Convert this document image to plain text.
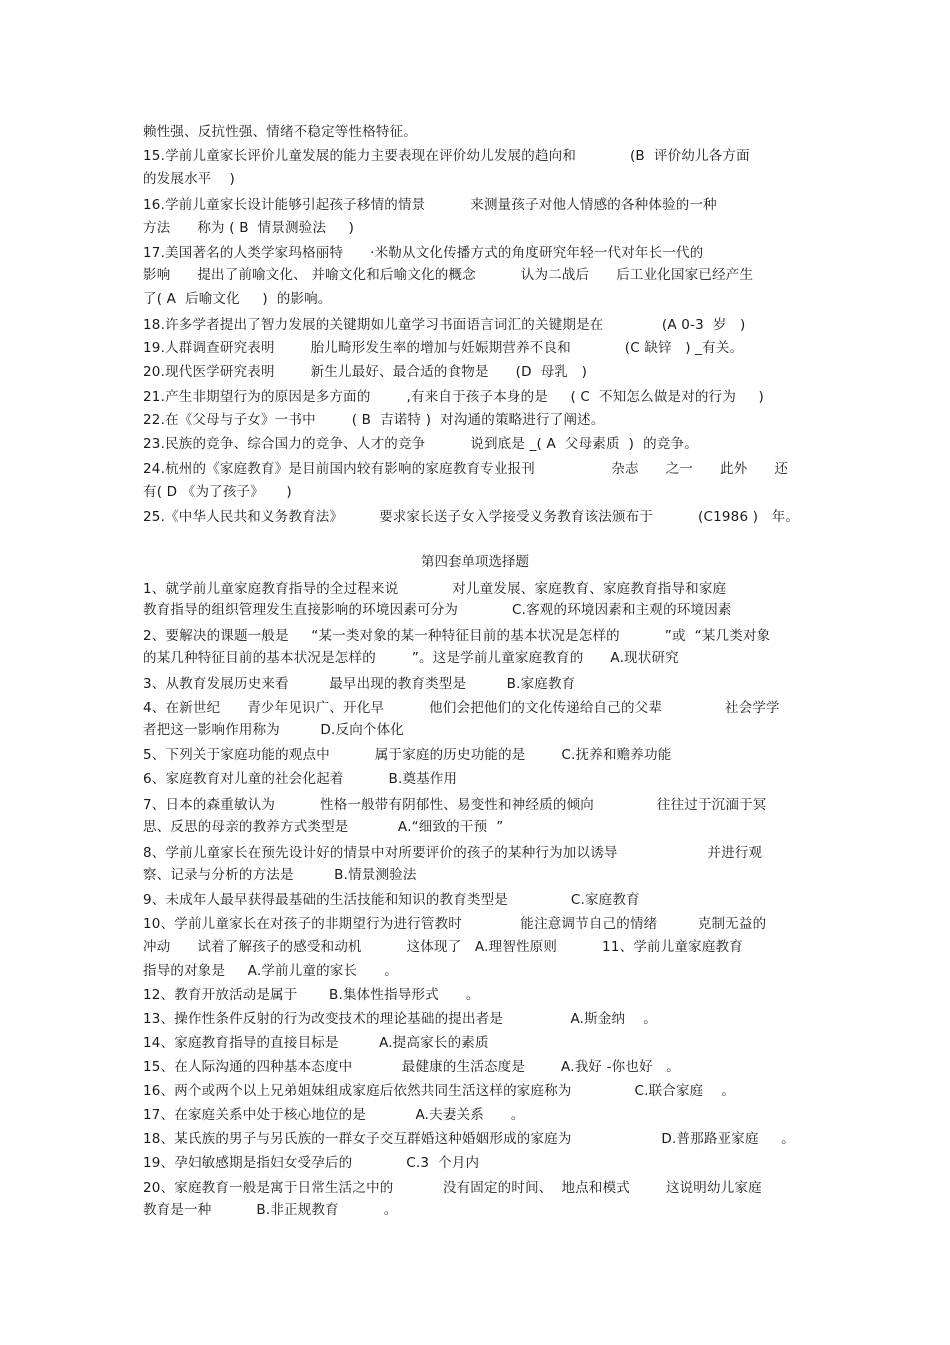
赖性强、反抗性强、情绪不稳定等性格特征。
15.学前儿童家长评价儿童发展的能力主要表现在评价幼儿发展的趋向和            (B  评价幼儿各方面
的发展水平    )
16.学前儿童家长设计能够引起孩子移情的情景          来测量孩子对他人情感的各种体验的一种
方法      称为 ( B  情景测验法     )
17.美国著名的人类学家玛格丽特      ·米勒从文化传播方式的角度研究年轻一代对年长一代的
影响      提出了前喻文化、 并喻文化和后喻文化的概念          认为二战后      后工业化国家已经产生
了( A  后喻文化     )  的影响。
18.许多学者提出了智力发展的关键期如儿童学习书面语言词汇的关键期是在             (A 0-3  岁   )
19.人群调查研究表明        胎儿畸形发生率的增加与妊娠期营养不良和            (C 缺锌   ) _有关。
20.现代医学研究表明        新生儿最好、最合适的食物是      (D  母乳   )
21.产生非期望行为的原因是多方面的        ,有来自于孩子本身的是     ( C  不知怎么做是对的行为     )
22.在《父母与子女》一书中        ( B  吉诺特 )  对沟通的策略进行了阐述。
23.民族的竞争、综合国力的竞争、人才的竞争          说到底是 _( A  父母素质  )  的竞争。
24.杭州的《家庭教育》是目前国内较有影响的家庭教育专业报刊                 杂志      之一      此外      还
有( D 《为了孩子》     )
25.《中华人民共和义务教育法》        要求家长送子女入学接受义务教育该法颁布于          (C1986 )   年。
第四套单项选择题
1、就学前儿童家庭教育指导的全过程来说            对儿童发展、家庭教育、家庭教育指导和家庭
教育指导的组织管理发生直接影响的环境因素可分为            C.客观的环境因素和主观的环境因素
2、要解决的课题一般是     “某一类对象的某一种特征目前的基本状况是怎样的          ”或  “某几类对象
的某几种特征目前的基本状况是怎样的        ”。这是学前儿童家庭教育的      A.现状研究
3、从教育发展历史来看         最早出现的教育类型是         B.家庭教育
4、在新世纪      青少年见识广、开化早          他们会把他们的文化传递给自己的父辈              社会学学
者把这一影响作用称为         D.反向个体化
5、下列关于家庭功能的观点中          属于家庭的历史功能的是        C.抚养和赡养功能
6、家庭教育对儿童的社会化起着          B.奠基作用
7、日本的森重敏认为          性格一般带有阴郁性、易变性和神经质的倾向              往往过于沉湎于冥
思、反思的母亲的教养方式类型是           A.“细致的干预  ”
8、学前儿童家长在预先设计好的情景中对所要评价的孩子的某种行为加以诱导                    并进行观
察、记录与分析的方法是         B.情景测验法
9、未成年人最早获得最基础的生活技能和知识的教育类型是              C.家庭教育
10、学前儿童家长在对孩子的非期望行为进行管教时             能注意调节自己的情绪         克制无益的
冲动      试着了解孩子的感受和动机          这体现了   A.理智性原则          11、学前儿童家庭教育
指导的对象是     A.学前儿童的家长      。
12、教育开放活动是属于       B.集体性指导形式      。
13、操作性条件反射的行为改变技术的理论基础的提出者是               A.斯金纳    。
14、家庭教育指导的直接目标是         A.提高家长的素质
15、在人际沟通的四种基本态度中           最健康的生活态度是        A.我好 -你也好   。
16、两个或两个以上兄弟姐妹组成家庭后依然共同生活这样的家庭称为              C.联合家庭    。
17、在家庭关系中处于核心地位的是           A.夫妻关系      。
18、某氏族的男子与另氏族的一群女子交互群婚这种婚姻形成的家庭为                    D.普那路亚家庭     。
19、孕妇敏感期是指妇女受孕后的            C.3  个月内
20、家庭教育一般是寓于日常生活之中的           没有固定的时间、  地点和模式        这说明幼儿家庭
教育是一种          B.非正规教育          。
